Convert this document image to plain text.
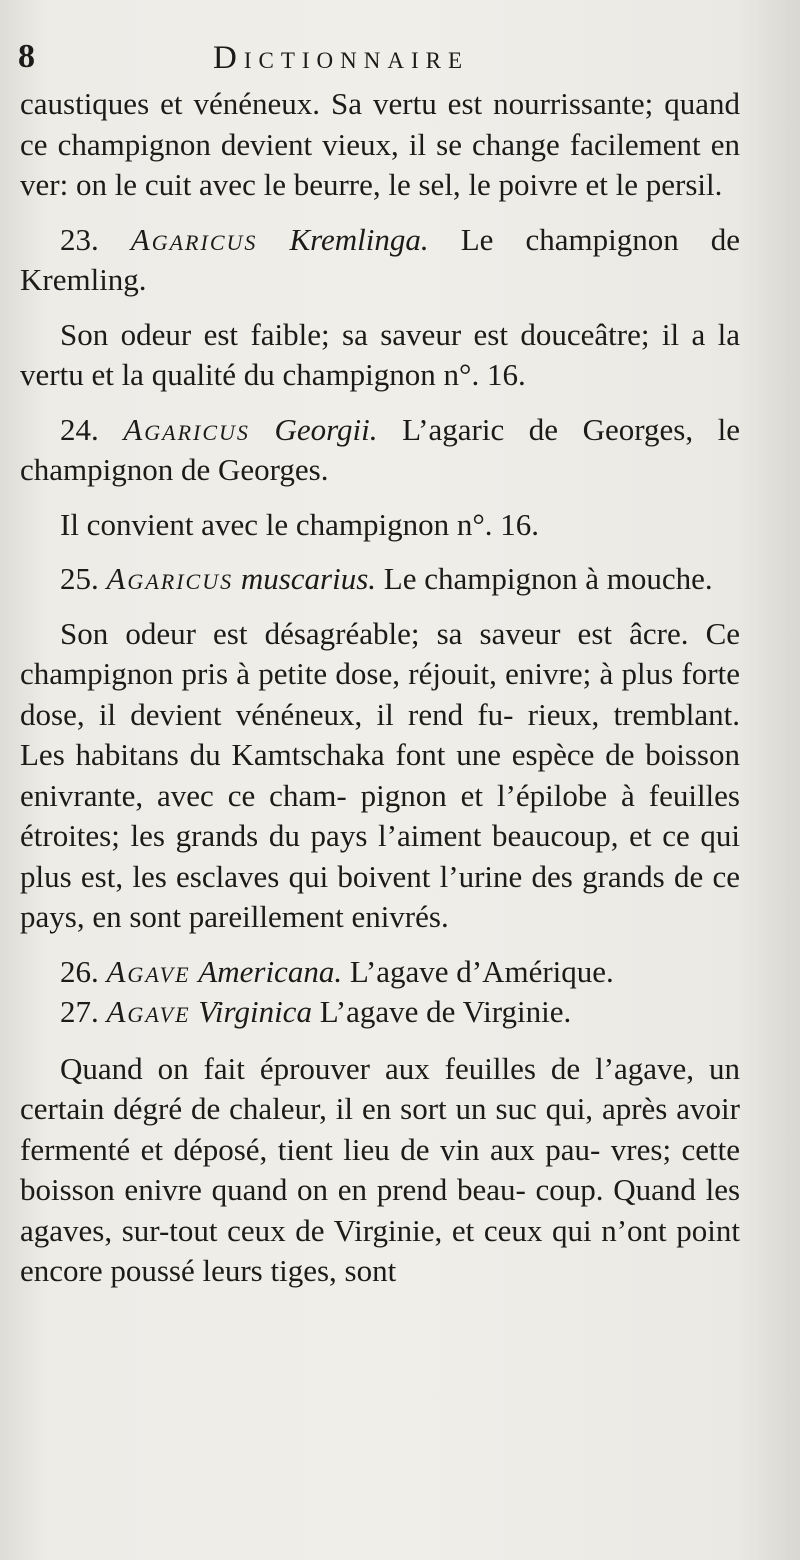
8	Dictionnaire

caustiques et vénéneux. Sa vertu est nourrissante; quand ce champignon devient vieux, il se change facilement en ver: on le cuit avec le beurre, le sel, le poivre et le persil.

23. Agaricus Kremlinga. Le champignon de Kremling.

Son odeur est faible; sa saveur est douceâtre; il a la vertu et la qualité du champignon n°. 16.

24. Agaricus Georgii. L’agaric de Georges, le champignon de Georges.

Il convient avec le champignon n°. 16.

25. Agaricus muscarius. Le champignon à mouche.

Son odeur est désagréable; sa saveur est âcre. Ce champignon pris à petite dose, réjouit, enivre; à plus forte dose, il devient vénéneux, il rend fu- rieux, tremblant. Les habitans du Kamtschaka font une espèce de boisson enivrante, avec ce cham- pignon et l’épilobe à feuilles étroites; les grands du pays l’aiment beaucoup, et ce qui plus est, les esclaves qui boivent l’urine des grands de ce pays, en sont pareillement enivrés.

26. Agave Americana. L’agave d’Amérique.

27. Agave Virginica L’agave de Virginie.

Quand on fait éprouver aux feuilles de l’agave, un certain dégré de chaleur, il en sort un suc qui, après avoir fermenté et déposé, tient lieu de vin aux pau- vres; cette boisson enivre quand on en prend beau- coup. Quand les agaves, sur-tout ceux de Virginie, et ceux qui n’ont point encore poussé leurs tiges, sont
